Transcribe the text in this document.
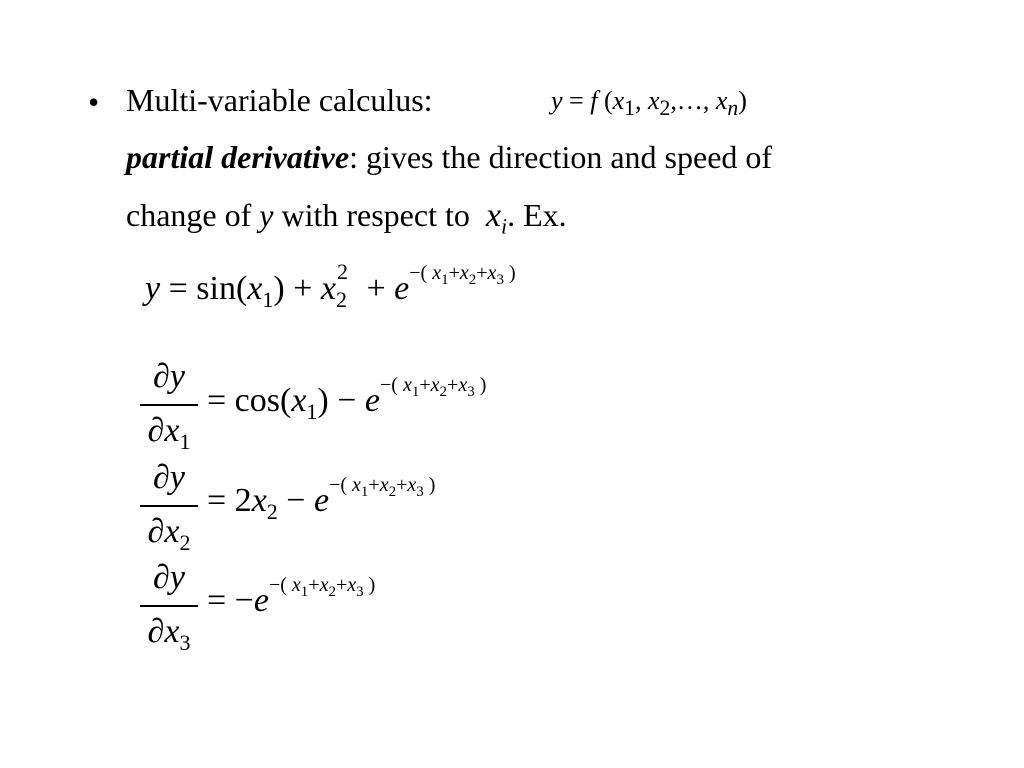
• Multi-variable calculus:	y = f ($x_1$, $x_2,\dots$, $x_n$)
partial derivative: gives the direction and speed of
change of y with respect to  $x_i$. Ex.
$y = \sin(x_1) + x_2^2 + e^{-( x_1+x_2+x_3 )}$
∂y
$\partial x_1$
= $\cos(x_1) - e^{-( x_1+x_2+x_3 )}$
∂y
$\partial x_2$
= $2x_2 - e^{-( x_1+x_2+x_3 )}$
∂y
$\partial x_3$
= $-e^{-( x_1+x_2+x_3 )}$
